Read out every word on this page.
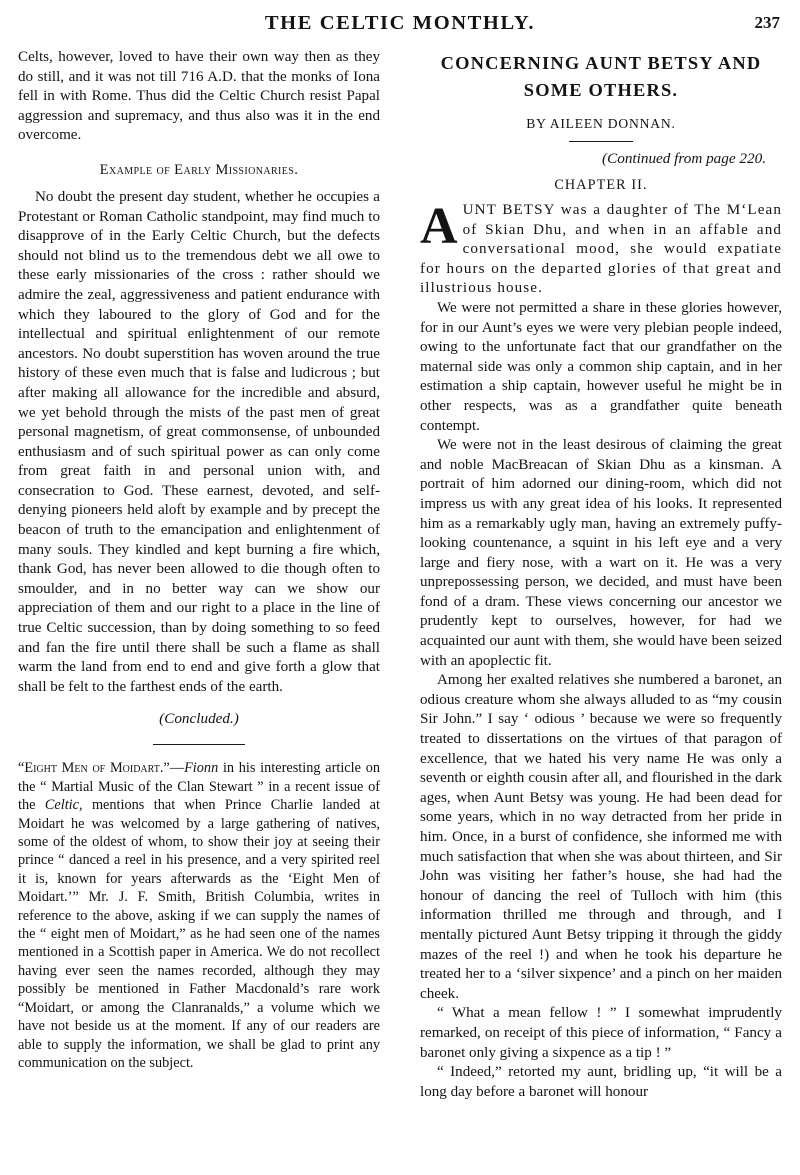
THE CELTIC MONTHLY.	237

Celts, however, loved to have their own way then as they do still, and it was not till 716 A.D. that the monks of Iona fell in with Rome. Thus did the Celtic Church resist Papal aggression and supremacy, and thus also was it in the end overcome.

Example of Early Missionaries.

No doubt the present day student, whether he occupies a Protestant or Roman Catholic standpoint, may find much to disapprove of in the Early Celtic Church, but the defects should not blind us to the tremendous debt we all owe to these early missionaries of the cross : rather should we admire the zeal, aggressiveness and patient endurance with which they laboured to the glory of God and for the intellectual and spiritual enlightenment of our remote ancestors. No doubt superstition has woven around the true history of these even much that is false and ludicrous ; but after making all allowance for the incredible and absurd, we yet behold through the mists of the past men of great personal magnetism, of great commonsense, of unbounded enthusiasm and of such spiritual power as can only come from great faith in and personal union with, and consecration to God. These earnest, devoted, and self-denying pioneers held aloft by example and by precept the beacon of truth to the emancipation and enlightenment of many souls. They kindled and kept burning a fire which, thank God, has never been allowed to die though often to smoulder, and in no better way can we show our appreciation of them and our right to a place in the line of true Celtic succession, than by doing something to so feed and fan the fire until there shall be such a flame as shall warm the land from end to end and give forth a glow that shall be felt to the farthest ends of the earth.

(Concluded.)

“Eight Men of Moidart.”—Fionn in his interesting article on the “ Martial Music of the Clan Stewart ” in a recent issue of the Celtic, mentions that when Prince Charlie landed at Moidart he was welcomed by a large gathering of natives, some of the oldest of whom, to show their joy at seeing their prince “ danced a reel in his presence, and a very spirited reel it is, known for years afterwards as the ‘Eight Men of Moidart.’” Mr. J. F. Smith, British Columbia, writes in reference to the above, asking if we can supply the names of the “ eight men of Moidart,” as he had seen one of the names mentioned in a Scottish paper in America. We do not recollect having ever seen the names recorded, although they may possibly be mentioned in Father Macdonald’s rare work “Moidart, or among the Clanranalds,” a volume which we have not beside us at the moment. If any of our readers are able to supply the information, we shall be glad to print any communication on the subject.

CONCERNING AUNT BETSY AND
SOME OTHERS.
BY AILEEN DONNAN.
(Continued from page 220.
CHAPTER II.

AUNT BETSY was a daughter of The M‘Lean of Skian Dhu, and when in an affable and conversational mood, she would expatiate for hours on the departed glories of that great and illustrious house.

We were not permitted a share in these glories however, for in our Aunt’s eyes we were very plebian people indeed, owing to the unfortunate fact that our grandfather on the maternal side was only a common ship captain, and in her estimation a ship captain, however useful he might be in other respects, was as a grandfather quite beneath contempt.

We were not in the least desirous of claiming the great and noble MacBreacan of Skian Dhu as a kinsman. A portrait of him adorned our dining-room, which did not impress us with any great idea of his looks. It represented him as a remarkably ugly man, having an extremely puffy-looking countenance, a squint in his left eye and a very large and fiery nose, with a wart on it. He was a very unprepossessing person, we decided, and must have been fond of a dram. These views concerning our ancestor we prudently kept to ourselves, however, for had we acquainted our aunt with them, she would have been seized with an apoplectic fit.

Among her exalted relatives she numbered a baronet, an odious creature whom she always alluded to as “my cousin Sir John.” I say ‘ odious ’ because we were so frequently treated to dissertations on the virtues of that paragon of excellence, that we hated his very name He was only a seventh or eighth cousin after all, and flourished in the dark ages, when Aunt Betsy was young. He had been dead for some years, which in no way detracted from her pride in him. Once, in a burst of confidence, she informed me with much satisfaction that when she was about thirteen, and Sir John was visiting her father’s house, she had had the honour of dancing the reel of Tulloch with him (this information thrilled me through and through, and I mentally pictured Aunt Betsy tripping it through the giddy mazes of the reel !) and when he took his departure he treated her to a ‘silver sixpence’ and a pinch on her maiden cheek.

“ What a mean fellow ! ” I somewhat imprudently remarked, on receipt of this piece of information, “ Fancy a baronet only giving a sixpence as a tip ! ”

“ Indeed,” retorted my aunt, bridling up, “it will be a long day before a baronet will honour
